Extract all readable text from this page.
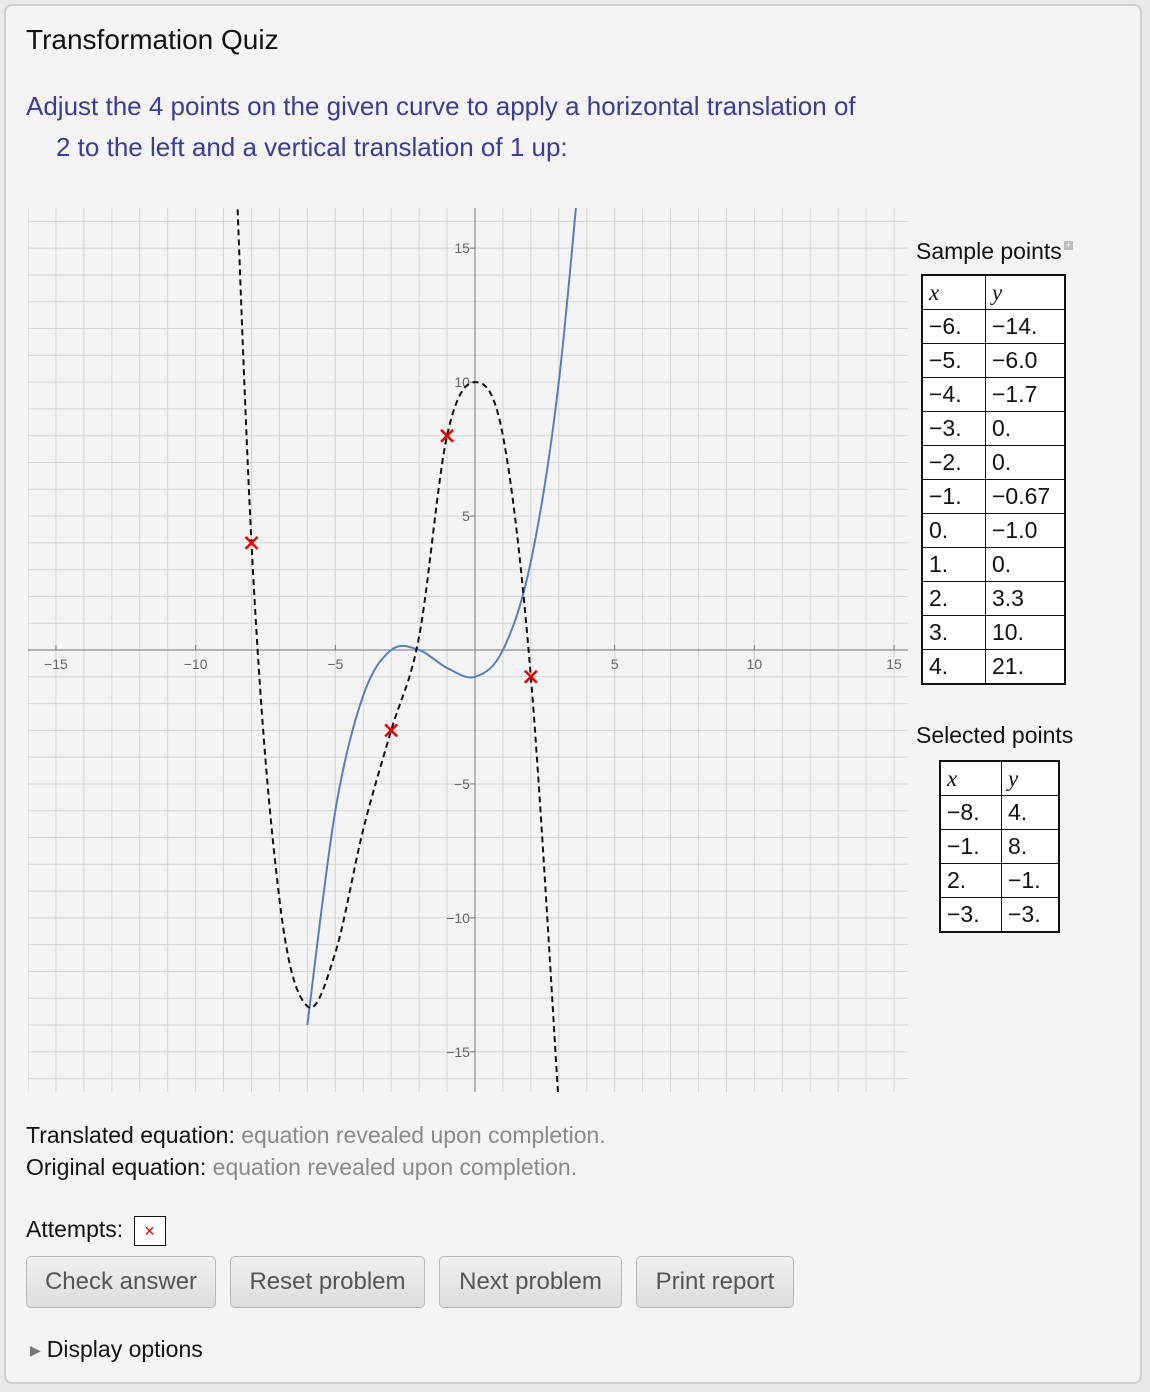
Transformation Quiz
Adjust the 4 points on the given curve to apply a horizontal translation of
2 to the left and a vertical translation of 1 up:
−15	−10	−5	5	10	15
15
10
5
−5
−10
−15
Sample points +
x	y
−6.	−14.
−5.	−6.0
−4.	−1.7
−3.	0.
−2.	0.
−1.	−0.67
0.	−1.0
1.	0.
2.	3.3
3.	10.
4.	21.
Selected points
x	y
−8.	4.
−1.	8.
2.	−1.
−3.	−3.
Translated equation: equation revealed upon completion.
Original equation: equation revealed upon completion.
Attempts: ×
Check answer	Reset problem	Next problem	Print report
▶ Display options
